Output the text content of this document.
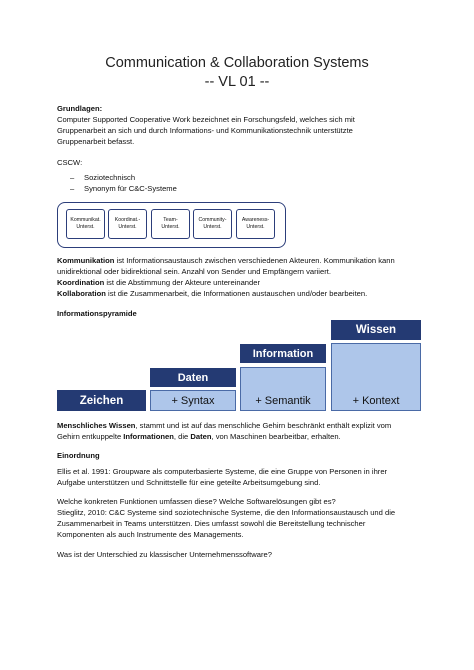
Communication & Collaboration Systems
-- VL 01 --
Grundlagen:
Computer Supported Cooperative Work bezeichnet ein Forschungsfeld, welches sich mit
Gruppenarbeit an sich und durch Informations- und Kommunikationstechnik unterstützte
Gruppenarbeit befasst.
CSCW:
– Soziotechnisch
– Synonym für C&C-Systeme
Kommunikat.
Unterst.
Koordinat.-
Unterst.
Team-
Unterst.
Community-
Unterst.
Awareness-
Unterst.
Kommunikation ist Informationsaustausch zwischen verschiedenen Akteuren. Kommunikation kann
unidirektional oder bidirektional sein. Anzahl von Sender und Empfängern variiert.
Koordination ist die Abstimmung der Akteure untereinander
Kollaboration ist die Zusammenarbeit, die Informationen austauschen und/oder bearbeiten.
Informationspyramide
Wissen
Information
Daten
Zeichen	+ Syntax	+ Semantik	+ Kontext
Menschliches Wissen, stammt und ist auf das menschliche Gehirn beschränkt enthält explizit vom
Gehirn entkuppelte Informationen, die Daten, von Maschinen bearbeitbar, erhalten.
Einordnung
Ellis et al. 1991: Groupware als computerbasierte Systeme, die eine Gruppe von Personen in ihrer
Aufgabe unterstützen und Schnittstelle für eine geteilte Arbeitsumgebung sind.
Welche konkreten Funktionen umfassen diese? Welche Softwarelösungen gibt es?
Stieglitz, 2010: C&C Systeme sind soziotechnische Systeme, die den Informationsaustausch und die
Zusammenarbeit in Teams unterstützen. Dies umfasst sowohl die Bereitstellung technischer
Komponenten als auch Instrumente des Managements.
Was ist der Unterschied zu klassischer Unternehmenssoftware?
